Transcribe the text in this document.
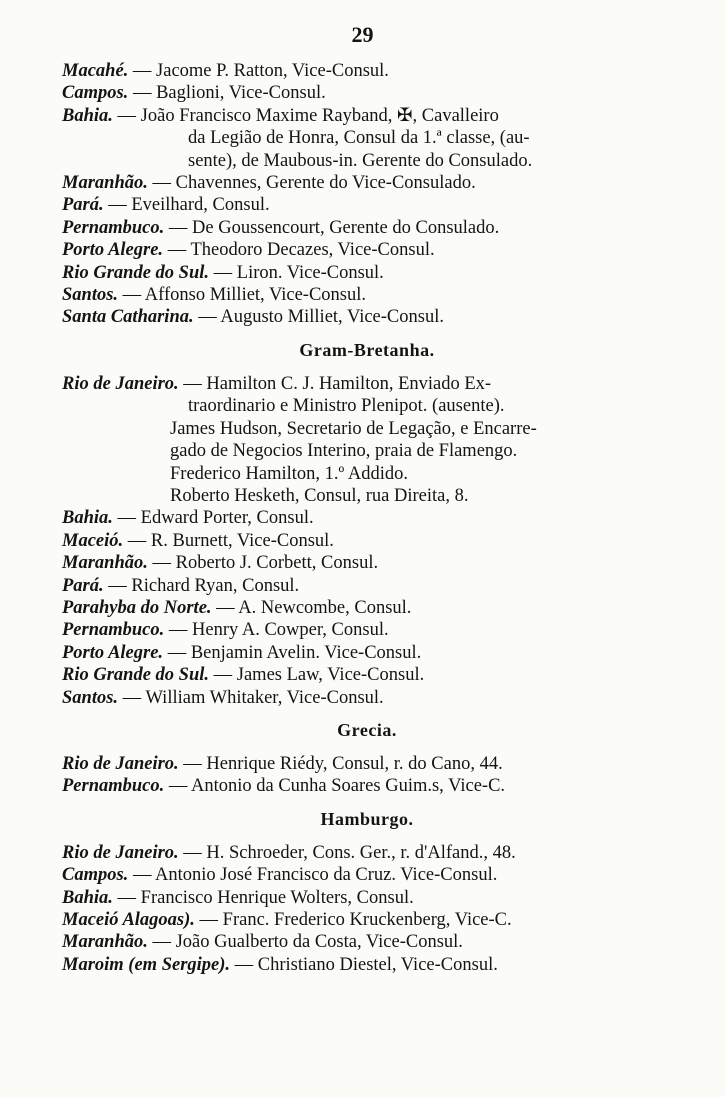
29
Macahé. — Jacome P. Ratton, Vice-Consul.
Campos. — Baglioni, Vice-Consul.
Bahia. — João Francisco Maxime Rayband, ✠, Cavalleiro
da Legião de Honra, Consul da 1.ª classe, (au-
sente), de Maubous-in. Gerente do Consulado.
Maranhão. — Chavennes, Gerente do Vice-Consulado.
Pará. — Eveilhard, Consul.
Pernambuco. — De Goussencourt, Gerente do Consulado.
Porto Alegre. — Theodoro Decazes, Vice-Consul.
Rio Grande do Sul. — Liron. Vice-Consul.
Santos. — Affonso Milliet, Vice-Consul.
Santa Catharina. — Augusto Milliet, Vice-Consul.
Gram-Bretanha.
Rio de Janeiro. — Hamilton C. J. Hamilton, Enviado Ex-
traordinario e Ministro Plenipot. (ausente).
James Hudson, Secretario de Legação, e Encarre-
gado de Negocios Interino, praia de Flamengo.
Frederico Hamilton, 1.º Addido.
Roberto Hesketh, Consul, rua Direita, 8.
Bahia. — Edward Porter, Consul.
Maceió. — R. Burnett, Vice-Consul.
Maranhão. — Roberto J. Corbett, Consul.
Pará. — Richard Ryan, Consul.
Parahyba do Norte. — A. Newcombe, Consul.
Pernambuco. — Henry A. Cowper, Consul.
Porto Alegre. — Benjamin Avelin. Vice-Consul.
Rio Grande do Sul. — James Law, Vice-Consul.
Santos. — William Whitaker, Vice-Consul.
Grecia.
Rio de Janeiro. — Henrique Riédy, Consul, r. do Cano, 44.
Pernambuco. — Antonio da Cunha Soares Guim.s, Vice-C.
Hamburgo.
Rio de Janeiro. — H. Schroeder, Cons. Ger., r. d'Alfand., 48.
Campos. — Antonio José Francisco da Cruz. Vice-Consul.
Bahia. — Francisco Henrique Wolters, Consul.
Maceió Alagoas). — Franc. Frederico Kruckenberg, Vice-C.
Maranhão. — João Gualberto da Costa, Vice-Consul.
Maroim (em Sergipe). — Christiano Diestel, Vice-Consul.
